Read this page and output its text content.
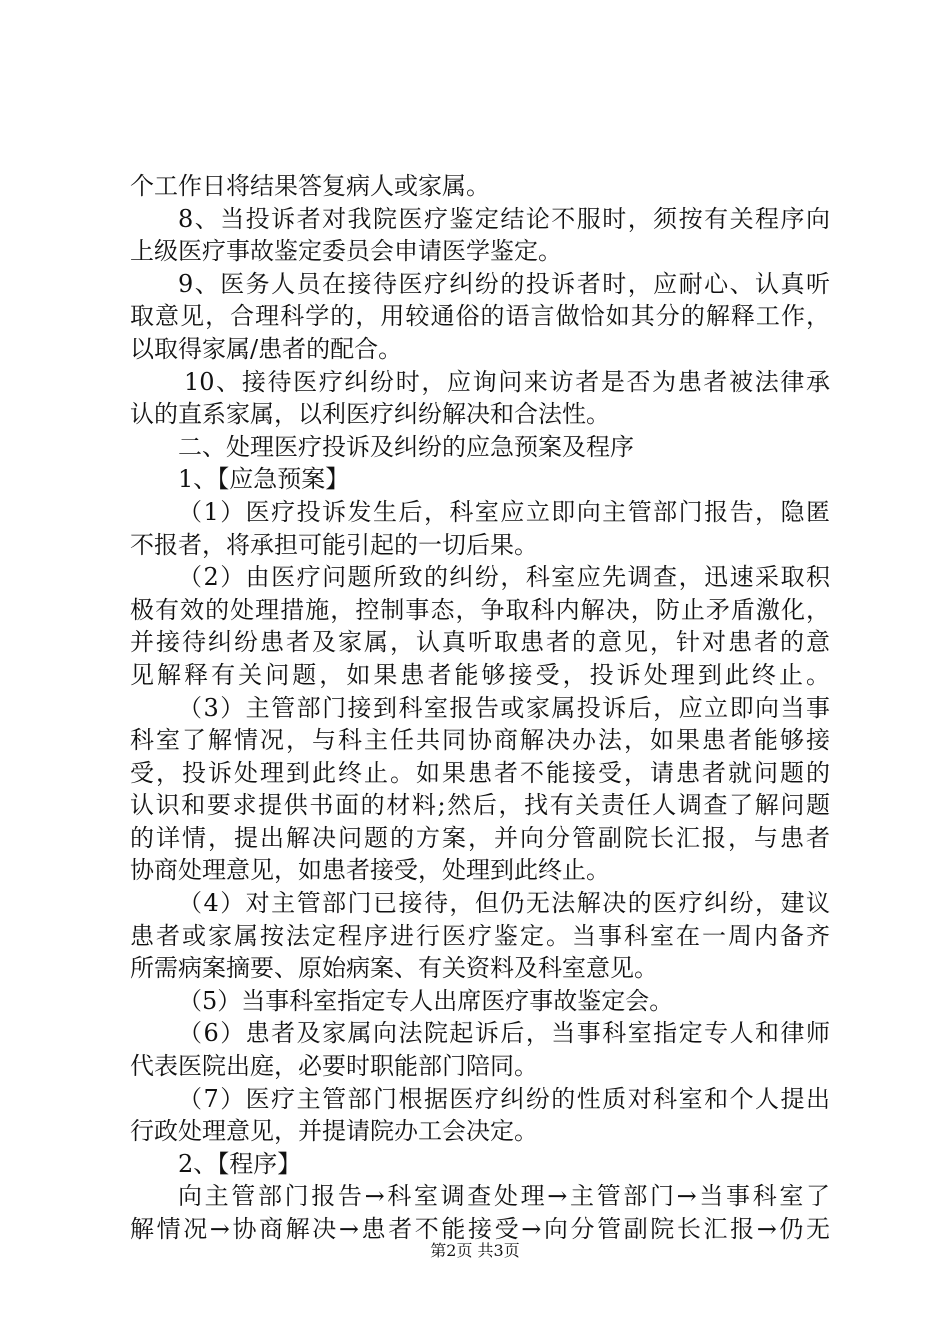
个工作日将结果答复病人或家属。
8、当投诉者对我院医疗鉴定结论不服时，须按有关程序向
上级医疗事故鉴定委员会申请医学鉴定。
9、医务人员在接待医疗纠纷的投诉者时，应耐心、认真听
取意见，合理科学的，用较通俗的语言做恰如其分的解释工作，
以取得家属/患者的配合。
10、接待医疗纠纷时，应询问来访者是否为患者被法律承
认的直系家属，以利医疗纠纷解决和合法性。
二、处理医疗投诉及纠纷的应急预案及程序
1、【应急预案】
（1）医疗投诉发生后，科室应立即向主管部门报告，隐匿
不报者，将承担可能引起的一切后果。
（2）由医疗问题所致的纠纷，科室应先调查，迅速采取积
极有效的处理措施，控制事态，争取科内解决，防止矛盾激化，
并接待纠纷患者及家属，认真听取患者的意见，针对患者的意
见解释有关问题，如果患者能够接受，投诉处理到此终止。
（3）主管部门接到科室报告或家属投诉后，应立即向当事
科室了解情况，与科主任共同协商解决办法，如果患者能够接
受，投诉处理到此终止。如果患者不能接受，请患者就问题的
认识和要求提供书面的材料;然后，找有关责任人调查了解问题
的详情，提出解决问题的方案，并向分管副院长汇报，与患者
协商处理意见，如患者接受，处理到此终止。
（4）对主管部门已接待，但仍无法解决的医疗纠纷，建议
患者或家属按法定程序进行医疗鉴定。当事科室在一周内备齐
所需病案摘要、原始病案、有关资料及科室意见。
（5）当事科室指定专人出席医疗事故鉴定会。
（6）患者及家属向法院起诉后，当事科室指定专人和律师
代表医院出庭，必要时职能部门陪同。
（7）医疗主管部门根据医疗纠纷的性质对科室和个人提出
行政处理意见，并提请院办工会决定。
2、【程序】
向主管部门报告→科室调查处理→主管部门→当事科室了
解情况→协商解决→患者不能接受→向分管副院长汇报→仍无
第2页 共3页
